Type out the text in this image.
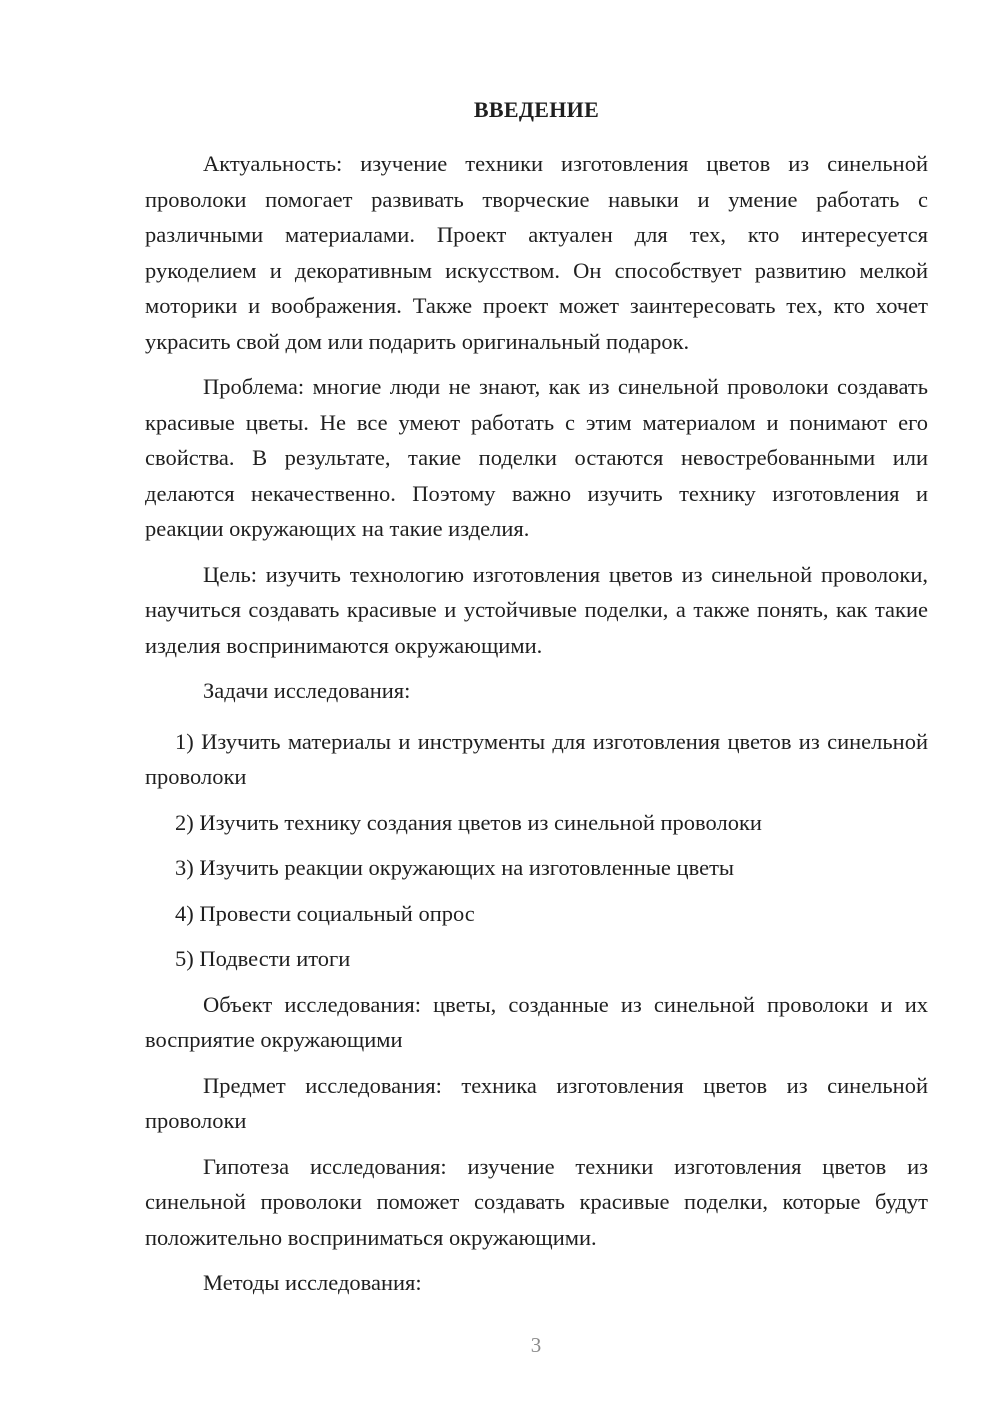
ВВЕДЕНИЕ

Актуальность: изучение техники изготовления цветов из синельной проволоки помогает развивать творческие навыки и умение работать с различными материалами. Проект актуален для тех, кто интересуется рукоделием и декоративным искусством. Он способствует развитию мелкой моторики и воображения. Также проект может заинтересовать тех, кто хочет украсить свой дом или подарить оригинальный подарок.

Проблема: многие люди не знают, как из синельной проволоки создавать красивые цветы. Не все умеют работать с этим материалом и понимают его свойства. В результате, такие поделки остаются невостребованными или делаются некачественно. Поэтому важно изучить технику изготовления и реакции окружающих на такие изделия.

Цель: изучить технологию изготовления цветов из синельной проволоки, научиться создавать красивые и устойчивые поделки, а также понять, как такие изделия воспринимаются окружающими.

Задачи исследования:

1) Изучить материалы и инструменты для изготовления цветов из синельной проволоки

2) Изучить технику создания цветов из синельной проволоки

3) Изучить реакции окружающих на изготовленные цветы

4) Провести социальный опрос

5) Подвести итоги

Объект исследования: цветы, созданные из синельной проволоки и их восприятие окружающими

Предмет исследования: техника изготовления цветов из синельной проволоки

Гипотеза исследования: изучение техники изготовления цветов из синельной проволоки поможет создавать красивые поделки, которые будут положительно восприниматься окружающими.

Методы исследования:

3
